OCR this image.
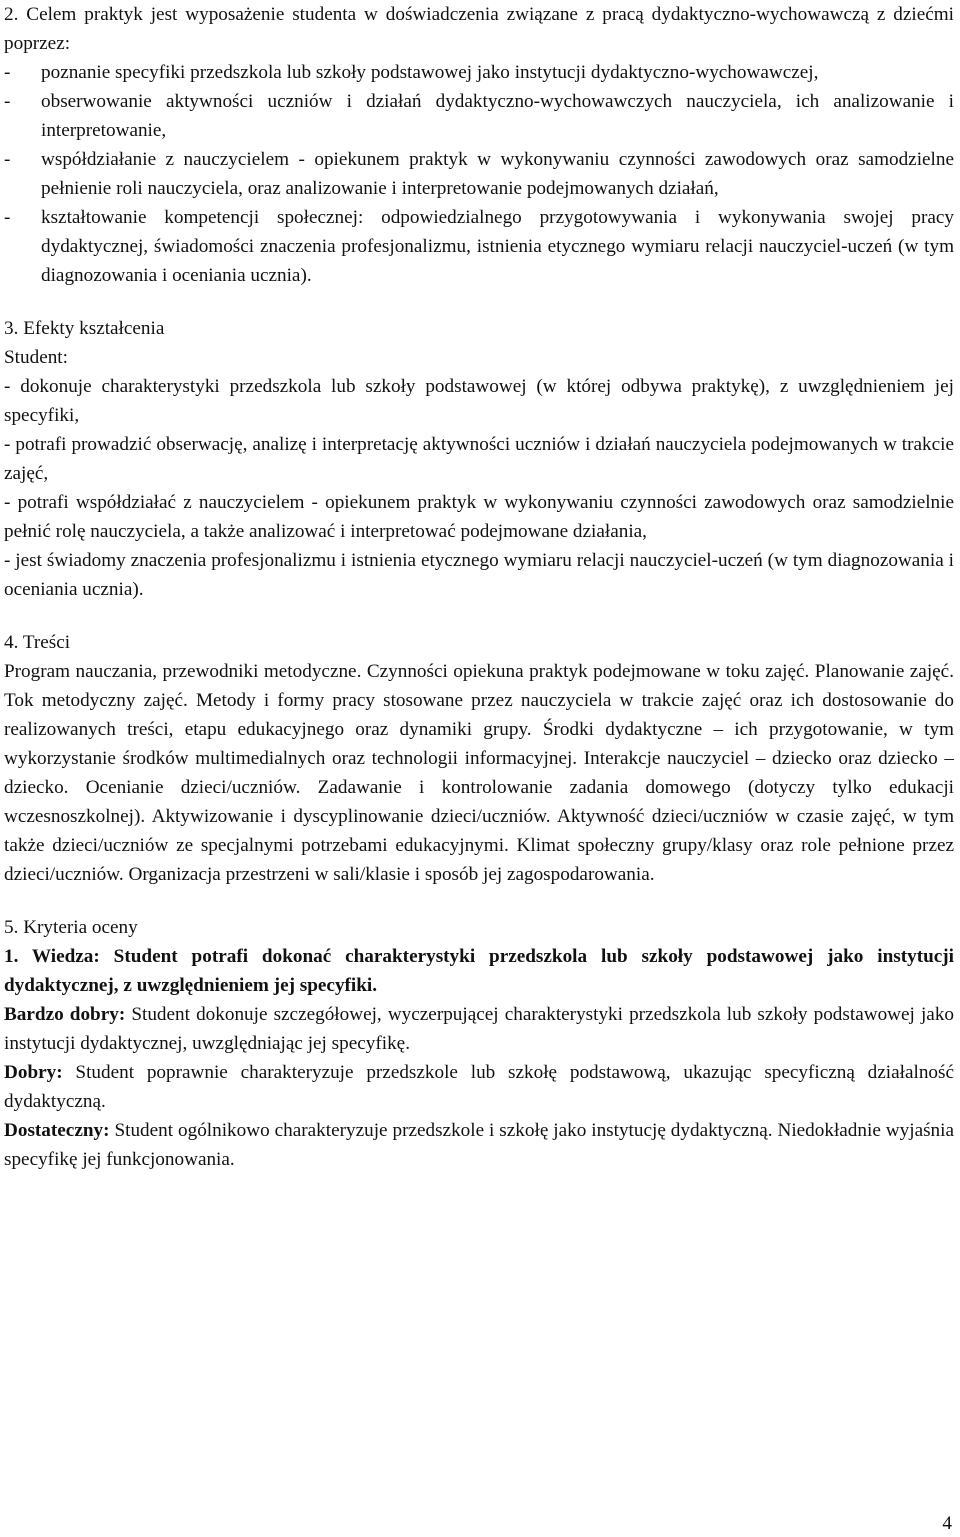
2. Celem praktyk jest wyposażenie studenta w doświadczenia związane z pracą dydaktyczno-wychowawczą z dziećmi poprzez:

- poznanie specyfiki przedszkola lub szkoły podstawowej jako instytucji dydaktyczno-wychowawczej,
- obserwowanie aktywności uczniów i działań dydaktyczno-wychowawczych nauczyciela, ich analizowanie i interpretowanie,
- współdziałanie z nauczycielem - opiekunem praktyk w wykonywaniu czynności zawodowych oraz samodzielne pełnienie roli nauczyciela, oraz analizowanie i interpretowanie podejmowanych działań,
- kształtowanie kompetencji społecznej: odpowiedzialnego przygotowywania i wykonywania swojej pracy dydaktycznej, świadomości znaczenia profesjonalizmu, istnienia etycznego wymiaru relacji nauczyciel-uczeń (w tym diagnozowania i oceniania ucznia).

3. Efekty kształcenia

Student:

- dokonuje charakterystyki przedszkola lub szkoły podstawowej (w której odbywa praktykę), z uwzględnieniem jej specyfiki,

- potrafi prowadzić obserwację, analizę i interpretację aktywności uczniów i działań nauczyciela podejmowanych w trakcie zajęć,

- potrafi współdziałać z nauczycielem - opiekunem praktyk w wykonywaniu czynności zawodowych oraz samodzielnie pełnić rolę nauczyciela, a także analizować i interpretować podejmowane działania,

- jest świadomy znaczenia profesjonalizmu i istnienia etycznego wymiaru relacji nauczyciel-uczeń (w tym diagnozowania i oceniania ucznia).

4. Treści

Program nauczania, przewodniki metodyczne. Czynności opiekuna praktyk podejmowane w toku zajęć. Planowanie zajęć. Tok metodyczny zajęć. Metody i formy pracy stosowane przez nauczyciela w trakcie zajęć oraz ich dostosowanie do realizowanych treści, etapu edukacyjnego oraz dynamiki grupy. Środki dydaktyczne – ich przygotowanie, w tym wykorzystanie środków multimedialnych oraz technologii informacyjnej. Interakcje nauczyciel – dziecko oraz dziecko – dziecko. Ocenianie dzieci/uczniów. Zadawanie i kontrolowanie zadania domowego (dotyczy tylko edukacji wczesnoszkolnej). Aktywizowanie i dyscyplinowanie dzieci/uczniów. Aktywność dzieci/uczniów w czasie zajęć, w tym także dzieci/uczniów ze specjalnymi potrzebami edukacyjnymi. Klimat społeczny grupy/klasy oraz role pełnione przez dzieci/uczniów. Organizacja przestrzeni w sali/klasie i sposób jej zagospodarowania.

5. Kryteria oceny

1. Wiedza: Student potrafi dokonać charakterystyki przedszkola lub szkoły podstawowej jako instytucji dydaktycznej, z uwzględnieniem jej specyfiki.

Bardzo dobry: Student dokonuje szczegółowej, wyczerpującej charakterystyki przedszkola lub szkoły podstawowej jako instytucji dydaktycznej, uwzględniając jej specyfikę.

Dobry: Student poprawnie charakteryzuje przedszkole lub szkołę podstawową, ukazując specyficzną działalność dydaktyczną.

Dostateczny: Student ogólnikowo charakteryzuje przedszkole i szkołę jako instytucję dydaktyczną. Niedokładnie wyjaśnia specyfikę jej funkcjonowania.

4
